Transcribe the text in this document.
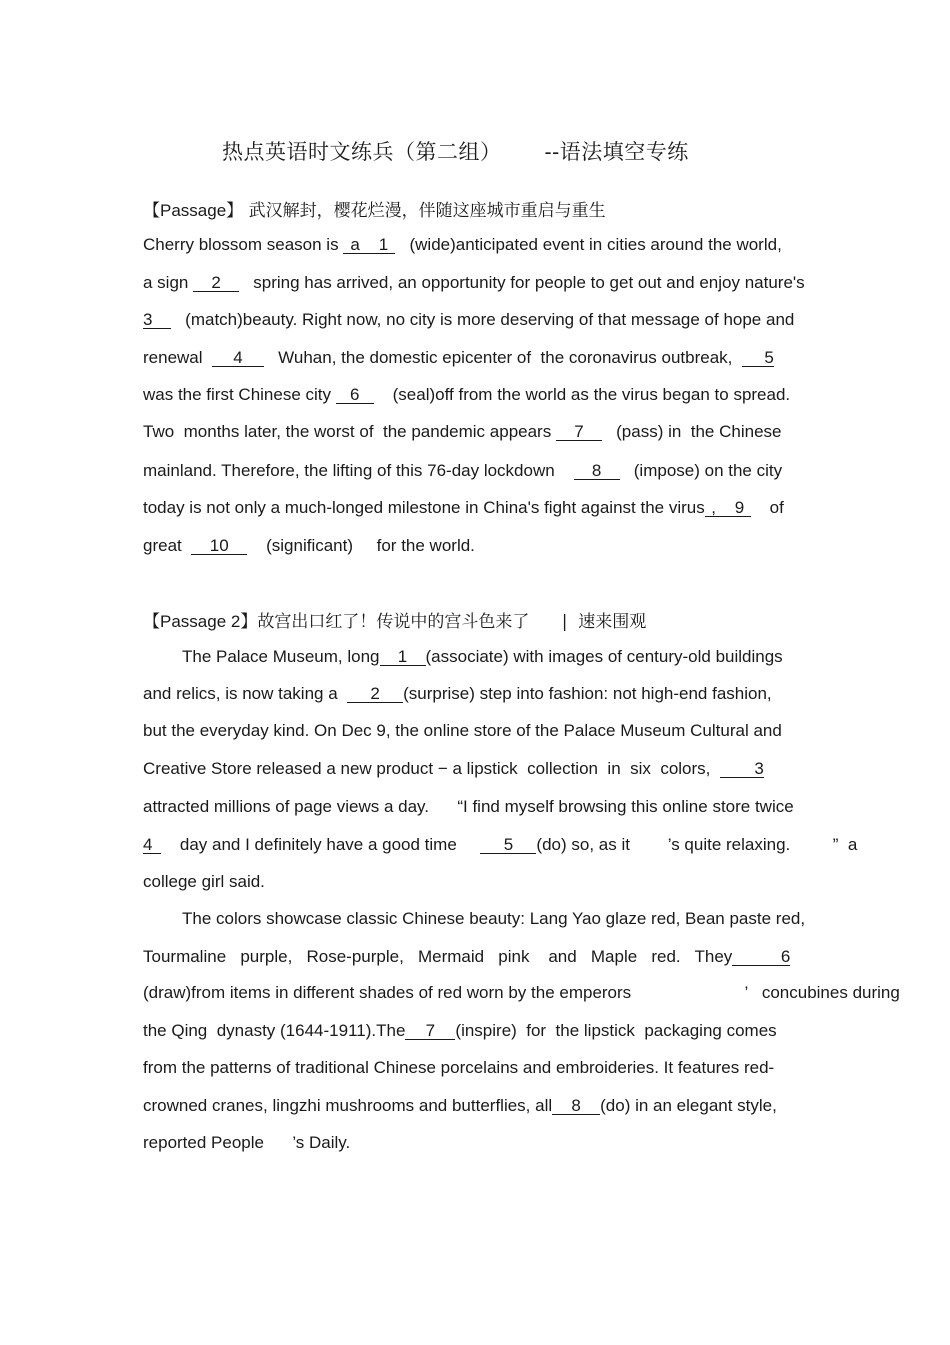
热点英语时文练兵（第二组）      --语法填空专练
【Passage】 武汉解封，樱花烂漫，伴随这座城市重启与重生
Cherry blossom season is a    1   (wide)anticipated event in cities around the world,
a sign 2   spring has arrived, an opportunity for people to get out and enjoy nature's
3   (match)beauty. Right now, no city is more deserving of that message of hope and
renewal  4   Wuhan, the domestic epicenter of  the coronavirus outbreak,  5
was the first Chinese city 6    (seal)off from the world as the virus began to spread.
Two  months later, the worst of  the pandemic appears 7   (pass) in  the Chinese
mainland. Therefore, the lifting of this 76-day lockdown    8   (impose) on the city
today is not only a much-longed milestone in China's fight against the virus ,    9    of
great  10    (significant)     for the world.
【Passage 2】故宫出口红了！传说中的宫斗色来了      |  速来围观
The Palace Museum, long 1 (associate) with images of century-old buildings
and relics, is now taking a  2 (surprise) step into fashion: not high-end fashion,
but the everyday kind. On Dec 9, the online store of the Palace Museum Cultural and
Creative Store released a new product − a lipstick  collection  in  six  colors,  3
attracted millions of page views a day.      “I find myself browsing this online store twice
4    day and I definitely have a good time     5 (do) so, as it        ’s quite relaxing.         ”  a
college girl said.
The colors showcase classic Chinese beauty: Lang Yao glaze red, Bean paste red,
Tourmaline   purple,   Rose-purple,   Mermaid   pink    and   Maple   red.   They	6
(draw)from items in different shades of red worn by the emperors                        ’   concubines during
the Qing  dynasty (1644-1911).The 7 (inspire)  for  the lipstick  packaging comes
from the patterns of traditional Chinese porcelains and embroideries. It features red-
crowned cranes, lingzhi mushrooms and butterflies, all 8 (do) in an elegant style,
reported People      ’s Daily.
